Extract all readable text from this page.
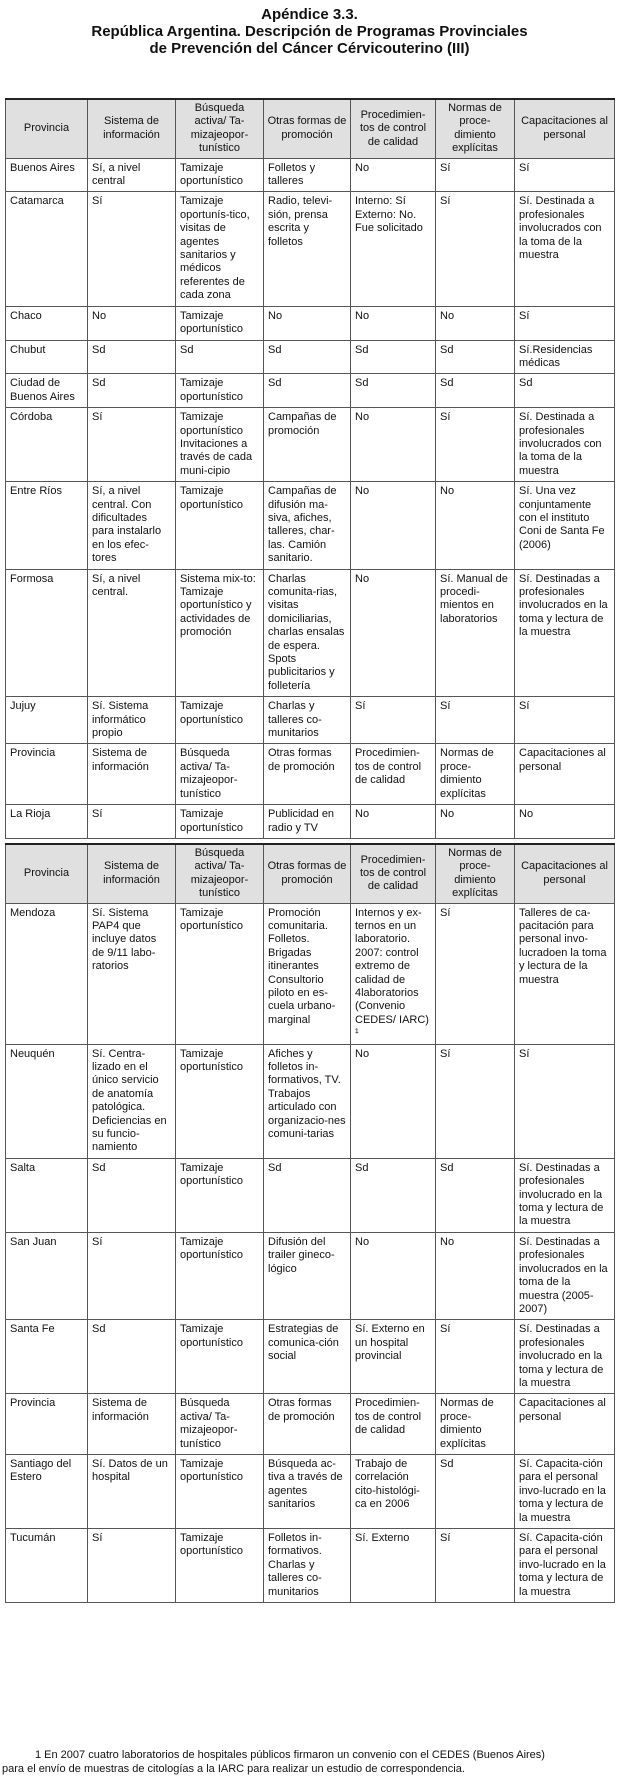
Apéndice 3.3.
República Argentina. Descripción de Programas Provinciales
de Prevención del Cáncer Cérvicouterino (III)
Provincia	Sistema de información	Búsqueda activa/ Ta-mizajeopor-tunístico	Otras formas de promoción	Procedimien-tos de control de calidad	Normas de proce-dimiento explícitas	Capacitaciones al personal
Buenos Aires	Sí, a nivel central	Tamizaje oportunístico	Folletos y talleres	No	Sí	Sí
Catamarca	Sí	Tamizaje oportunís-tico, visitas de agentes sanitarios y médicos referentes de cada zona	Radio, televi-sión, prensa escrita y folletos	Interno: Sí Externo: No. Fue solicitado	Sí	Sí. Destinada a profesionales involucrados con la toma de la muestra
Chaco	No	Tamizaje oportunístico	No	No	No	Sí
Chubut	Sd	Sd	Sd	Sd	Sd	Sí.Residencias médicas
Ciudad de Buenos Aires	Sd	Tamizaje oportunístico	Sd	Sd	Sd	Sd
Córdoba	Sí	Tamizaje oportunístico Invitaciones a través de cada muni-cipio	Campañas de promoción	No	Sí	Sí. Destinada a profesionales involucrados con la toma de la muestra
Entre Ríos	Sí, a nivel central. Con dificultades para instalarlo en los efec-tores	Tamizaje oportunístico	Campañas de difusión ma-siva, afiches, talleres, char-las. Camión sanitario.	No	No	Sí. Una vez conjuntamente con el instituto Coni de Santa Fe (2006)
Formosa	Sí, a nivel central.	Sistema mix-to: Tamizaje oportunístico y actividades de promoción	Charlas comunita-rias, visitas domiciliarias, charlas ensalas de espera. Spots publicitarios y folletería	No	Sí. Manual de procedi-mientos en laboratorios	Sí. Destinadas a profesionales involucrados en la toma y lectura de la muestra
Jujuy	Sí. Sistema informático propio	Tamizaje oportunístico	Charlas y talleres co-munitarios	Sí	Sí	Sí
Provincia	Sistema de información	Búsqueda activa/ Ta-mizajeopor-tunístico	Otras formas de promoción	Procedimien-tos de control de calidad	Normas de proce-dimiento explícitas	Capacitaciones al personal
La Rioja	Sí	Tamizaje oportunístico	Publicidad en radio y TV	No	No	No
Provincia	Sistema de información	Búsqueda activa/ Ta-mizajeopor-tunístico	Otras formas de promoción	Procedimien-tos de control de calidad	Normas de proce-dimiento explícitas	Capacitaciones al personal
Mendoza	Sí. Sistema PAP4 que incluye datos de 9/11 labo-ratorios	Tamizaje oportunístico	Promoción comunitaria. Folletos. Brigadas itinerantes Consultorio piloto en es-cuela urbano-marginal	Internos y ex-ternos en un laboratorio. 2007: control extremo de calidad de 4laboratorios (Convenio CEDES/ IARC) ¹	Sí	Talleres de ca-pacitación para personal invo-lucradoen la toma y lectura de la muestra
Neuquén	Sí. Centra-lizado en el único servicio de anatomía patológica. Deficiencias en su funcio-namiento	Tamizaje oportunístico	Afiches y folletos in-formativos, TV. Trabajos articulado con organizacio-nes comuni-tarias	No	Sí	Sí
Salta	Sd	Tamizaje oportunístico	Sd	Sd	Sd	Sí. Destinadas a profesionales involucrado en la toma y lectura de la muestra
San Juan	Sí	Tamizaje oportunístico	Difusión del trailer gineco-lógico	No	No	Sí. Destinadas a profesionales involucrados en la toma de la muestra (2005-2007)
Santa Fe	Sd	Tamizaje oportunístico	Estrategias de comunica-ción social	Sí. Externo en un hospital provincial	Sí	Sí. Destinadas a profesionales involucrado en la toma y lectura de la muestra
Provincia	Sistema de información	Búsqueda activa/ Ta-mizajeopor-tunístico	Otras formas de promoción	Procedimien-tos de control de calidad	Normas de proce-dimiento explícitas	Capacitaciones al personal
Santiago del Estero	Sí. Datos de un hospital	Tamizaje oportunístico	Búsqueda ac-tiva a través de agentes sanitarios	Trabajo de correlación cito-histológi-ca en 2006	Sd	Sí. Capacita-ción para el personal invo-lucrado en la toma y lectura de la muestra
Tucumán	Sí	Tamizaje oportunístico	Folletos in-formativos. Charlas y talleres co-munitarios	Sí. Externo	Sí	Sí. Capacita-ción para el personal invo-lucrado en la toma y lectura de la muestra
1 En 2007 cuatro laboratorios de hospitales públicos firmaron un convenio con el CEDES (Buenos Aires)
para el envío de muestras de citologías a la IARC para realizar un estudio de correspondencia.
